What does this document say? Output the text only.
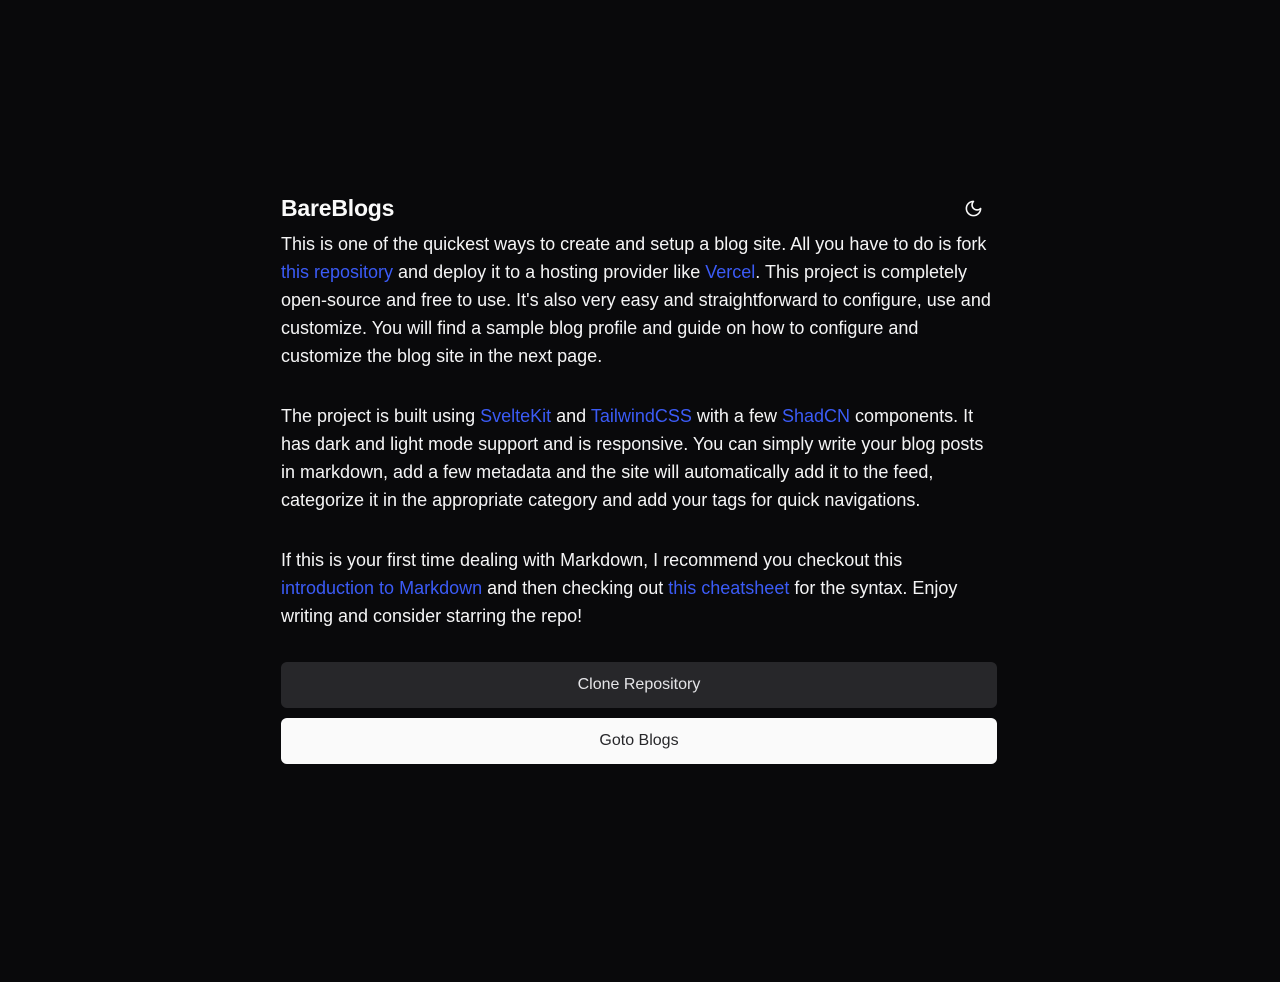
BareBlogs

This is one of the quickest ways to create and setup a blog site. All you have to do is fork this repository and deploy it to a hosting provider like Vercel. This project is completely open-source and free to use. It's also very easy and straightforward to configure, use and customize. You will find a sample blog profile and guide on how to configure and customize the blog site in the next page.

The project is built using SvelteKit and TailwindCSS with a few ShadCN components. It has dark and light mode support and is responsive. You can simply write your blog posts in markdown, add a few metadata and the site will automatically add it to the feed, categorize it in the appropriate category and add your tags for quick navigations.

If this is your first time dealing with Markdown, I recommend you checkout this introduction to Markdown and then checking out this cheatsheet for the syntax. Enjoy writing and consider starring the repo!

Clone Repository
Goto Blogs
